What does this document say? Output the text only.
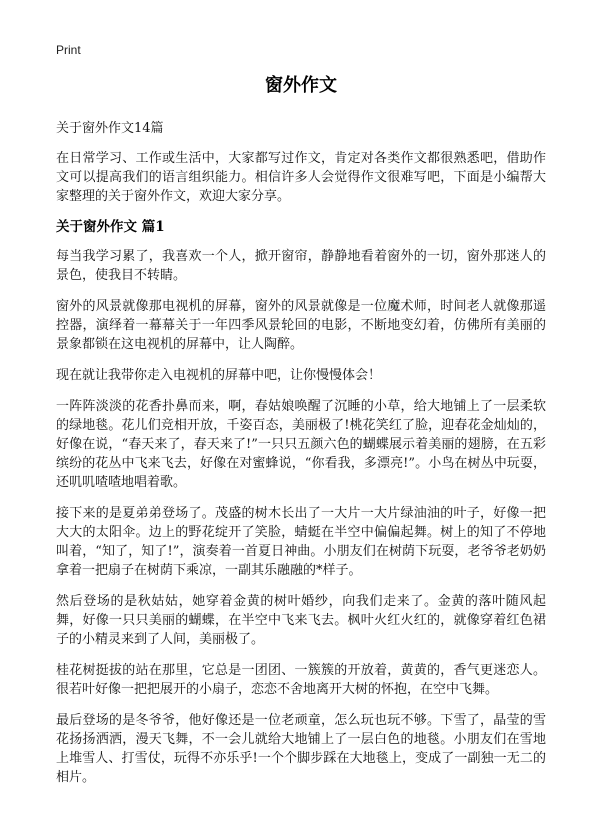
Print
窗外作文

关于窗外作文14篇

在日常学习、工作或生活中，大家都写过作文，肯定对各类作文都很熟悉吧，借助作文可以提高我们的语言组织能力。相信许多人会觉得作文很难写吧，下面是小编帮大家整理的关于窗外作文，欢迎大家分享。

关于窗外作文 篇1

每当我学习累了，我喜欢一个人，掀开窗帘，静静地看着窗外的一切，窗外那迷人的景色，使我目不转睛。

窗外的风景就像那电视机的屏幕，窗外的风景就像是一位魔术师，时间老人就像那遥控器，演绎着一幕幕关于一年四季风景轮回的电影，不断地变幻着，仿佛所有美丽的景象都锁在这电视机的屏幕中，让人陶醉。

现在就让我带你走入电视机的屏幕中吧，让你慢慢体会！

一阵阵淡淡的花香扑鼻而来，啊，春姑娘唤醒了沉睡的小草，给大地铺上了一层柔软的绿地毯。花儿们竞相开放，千姿百态，美丽极了!桃花笑红了脸，迎春花金灿灿的，好像在说，“春天来了，春天来了!”一只只五颜六色的蝴蝶展示着美丽的翅膀，在五彩缤纷的花丛中飞来飞去，好像在对蜜蜂说，“你看我，多漂亮!”。小鸟在树丛中玩耍，还叽叽喳喳地唱着歌。

接下来的是夏弟弟登场了。茂盛的树木长出了一大片一大片绿油油的叶子，好像一把大大的太阳伞。边上的野花绽开了笑脸，蜻蜓在半空中偏偏起舞。树上的知了不停地叫着，“知了，知了!”，演奏着一首夏日神曲。小朋友们在树荫下玩耍，老爷爷老奶奶拿着一把扇子在树荫下乘凉，一副其乐融融的*样子。

然后登场的是秋姑姑，她穿着金黄的树叶婚纱，向我们走来了。金黄的落叶随风起舞，好像一只只美丽的蝴蝶，在半空中飞来飞去。枫叶火红火红的，就像穿着红色裙子的小精灵来到了人间，美丽极了。

桂花树挺拔的站在那里，它总是一团团、一簇簇的开放着，黄黄的，香气更迷恋人。很若叶好像一把把展开的小扇子，恋恋不舍地离开大树的怀抱，在空中飞舞。

最后登场的是冬爷爷，他好像还是一位老顽童，怎么玩也玩不够。下雪了，晶莹的雪花扬扬洒洒，漫天飞舞，不一会儿就给大地铺上了一层白色的地毯。小朋友们在雪地上堆雪人、打雪仗，玩得不亦乐乎!一个个脚步踩在大地毯上，变成了一副独一无二的相片。
